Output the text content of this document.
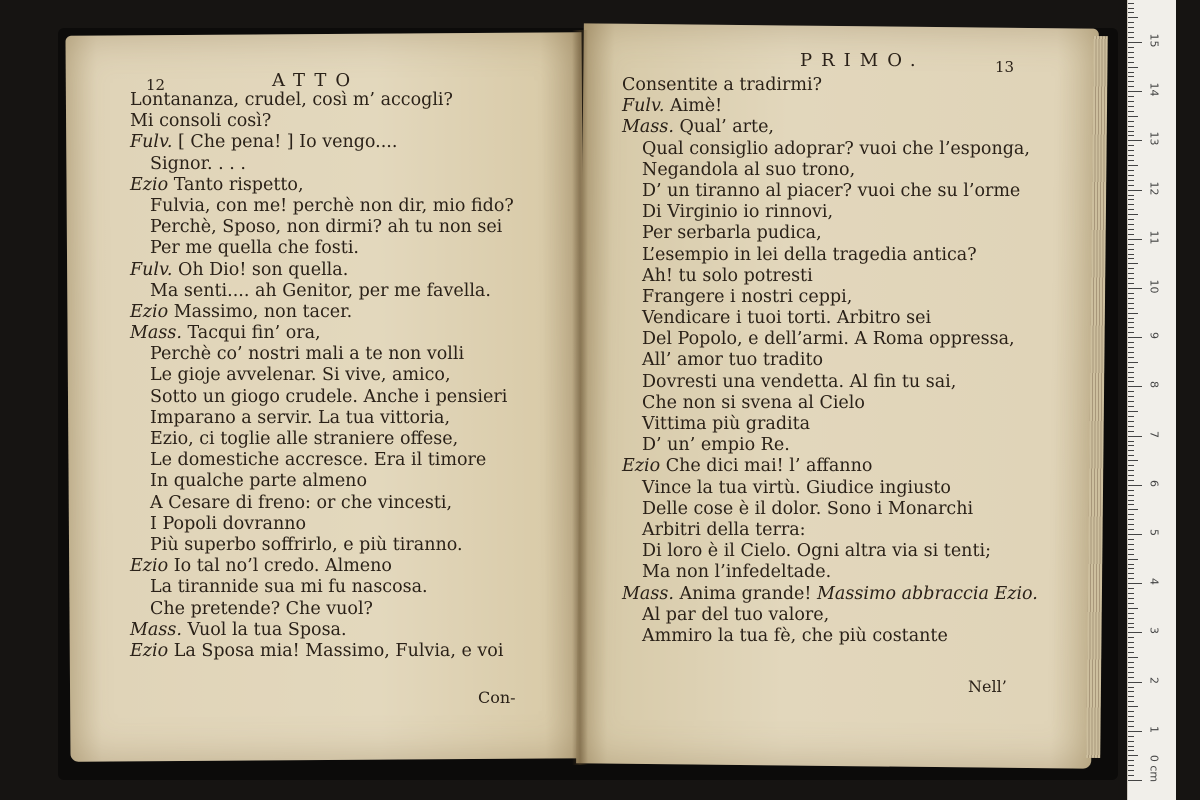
12	ATTO
Lontananza, crudel, così m’ accogli?
Mi consoli così?
Fulv. [ Che pena! ] Io vengo....
Signor. . . .
Ezio Tanto rispetto,
Fulvia, con me! perchè non dir, mio fido?
Perchè, Sposo, non dirmi? ah tu non sei
Per me quella che fosti.
Fulv. Oh Dio! son quella.
Ma senti.... ah Genitor, per me favella.
Ezio Massimo, non tacer.
Mass. Tacqui fin’ ora,
Perchè co’ nostri mali a te non volli
Le gioje avvelenar. Si vive, amico,
Sotto un giogo crudele. Anche i pensieri
Imparano a servir. La tua vittoria,
Ezio, ci toglie alle straniere offese,
Le domestiche accresce. Era il timore
In qualche parte almeno
A Cesare di freno: or che vincesti,
I Popoli dovranno
Più superbo soffrirlo, e più tiranno.
Ezio Io tal no’l credo. Almeno
La tirannide sua mi fu nascosa.
Che pretende? Che vuol?
Mass. Vuol la tua Sposa.
Ezio La Sposa mia! Massimo, Fulvia, e voi
Con-
PRIMO.	13
Consentite a tradirmi?
Fulv. Aimè!
Mass. Qual’ arte,
Qual consiglio adoprar? vuoi che l’esponga,
Negandola al suo trono,
D’ un tiranno al piacer? vuoi che su l’orme
Di Virginio io rinnovi,
Per serbarla pudica,
L’esempio in lei della tragedia antica?
Ah! tu solo potresti
Frangere i nostri ceppi,
Vendicare i tuoi torti. Arbitro sei
Del Popolo, e dell’armi. A Roma oppressa,
All’ amor tuo tradito
Dovresti una vendetta. Al fin tu sai,
Che non si svena al Cielo
Vittima più gradita
D’ un’ empio Re.
Ezio Che dici mai! l’ affanno
Vince la tua virtù. Giudice ingiusto
Delle cose è il dolor. Sono i Monarchi
Arbitri della terra:
Di loro è il Cielo. Ogni altra via si tenti;
Ma non l’infedeltade.
Mass. Anima grande! Massimo abbraccia Ezio.
Al par del tuo valore,
Ammiro la tua fè, che più costante
Nell’
0 cm
1
2
3
4
5
6
7
8
9
10
11
12
13
14
15
